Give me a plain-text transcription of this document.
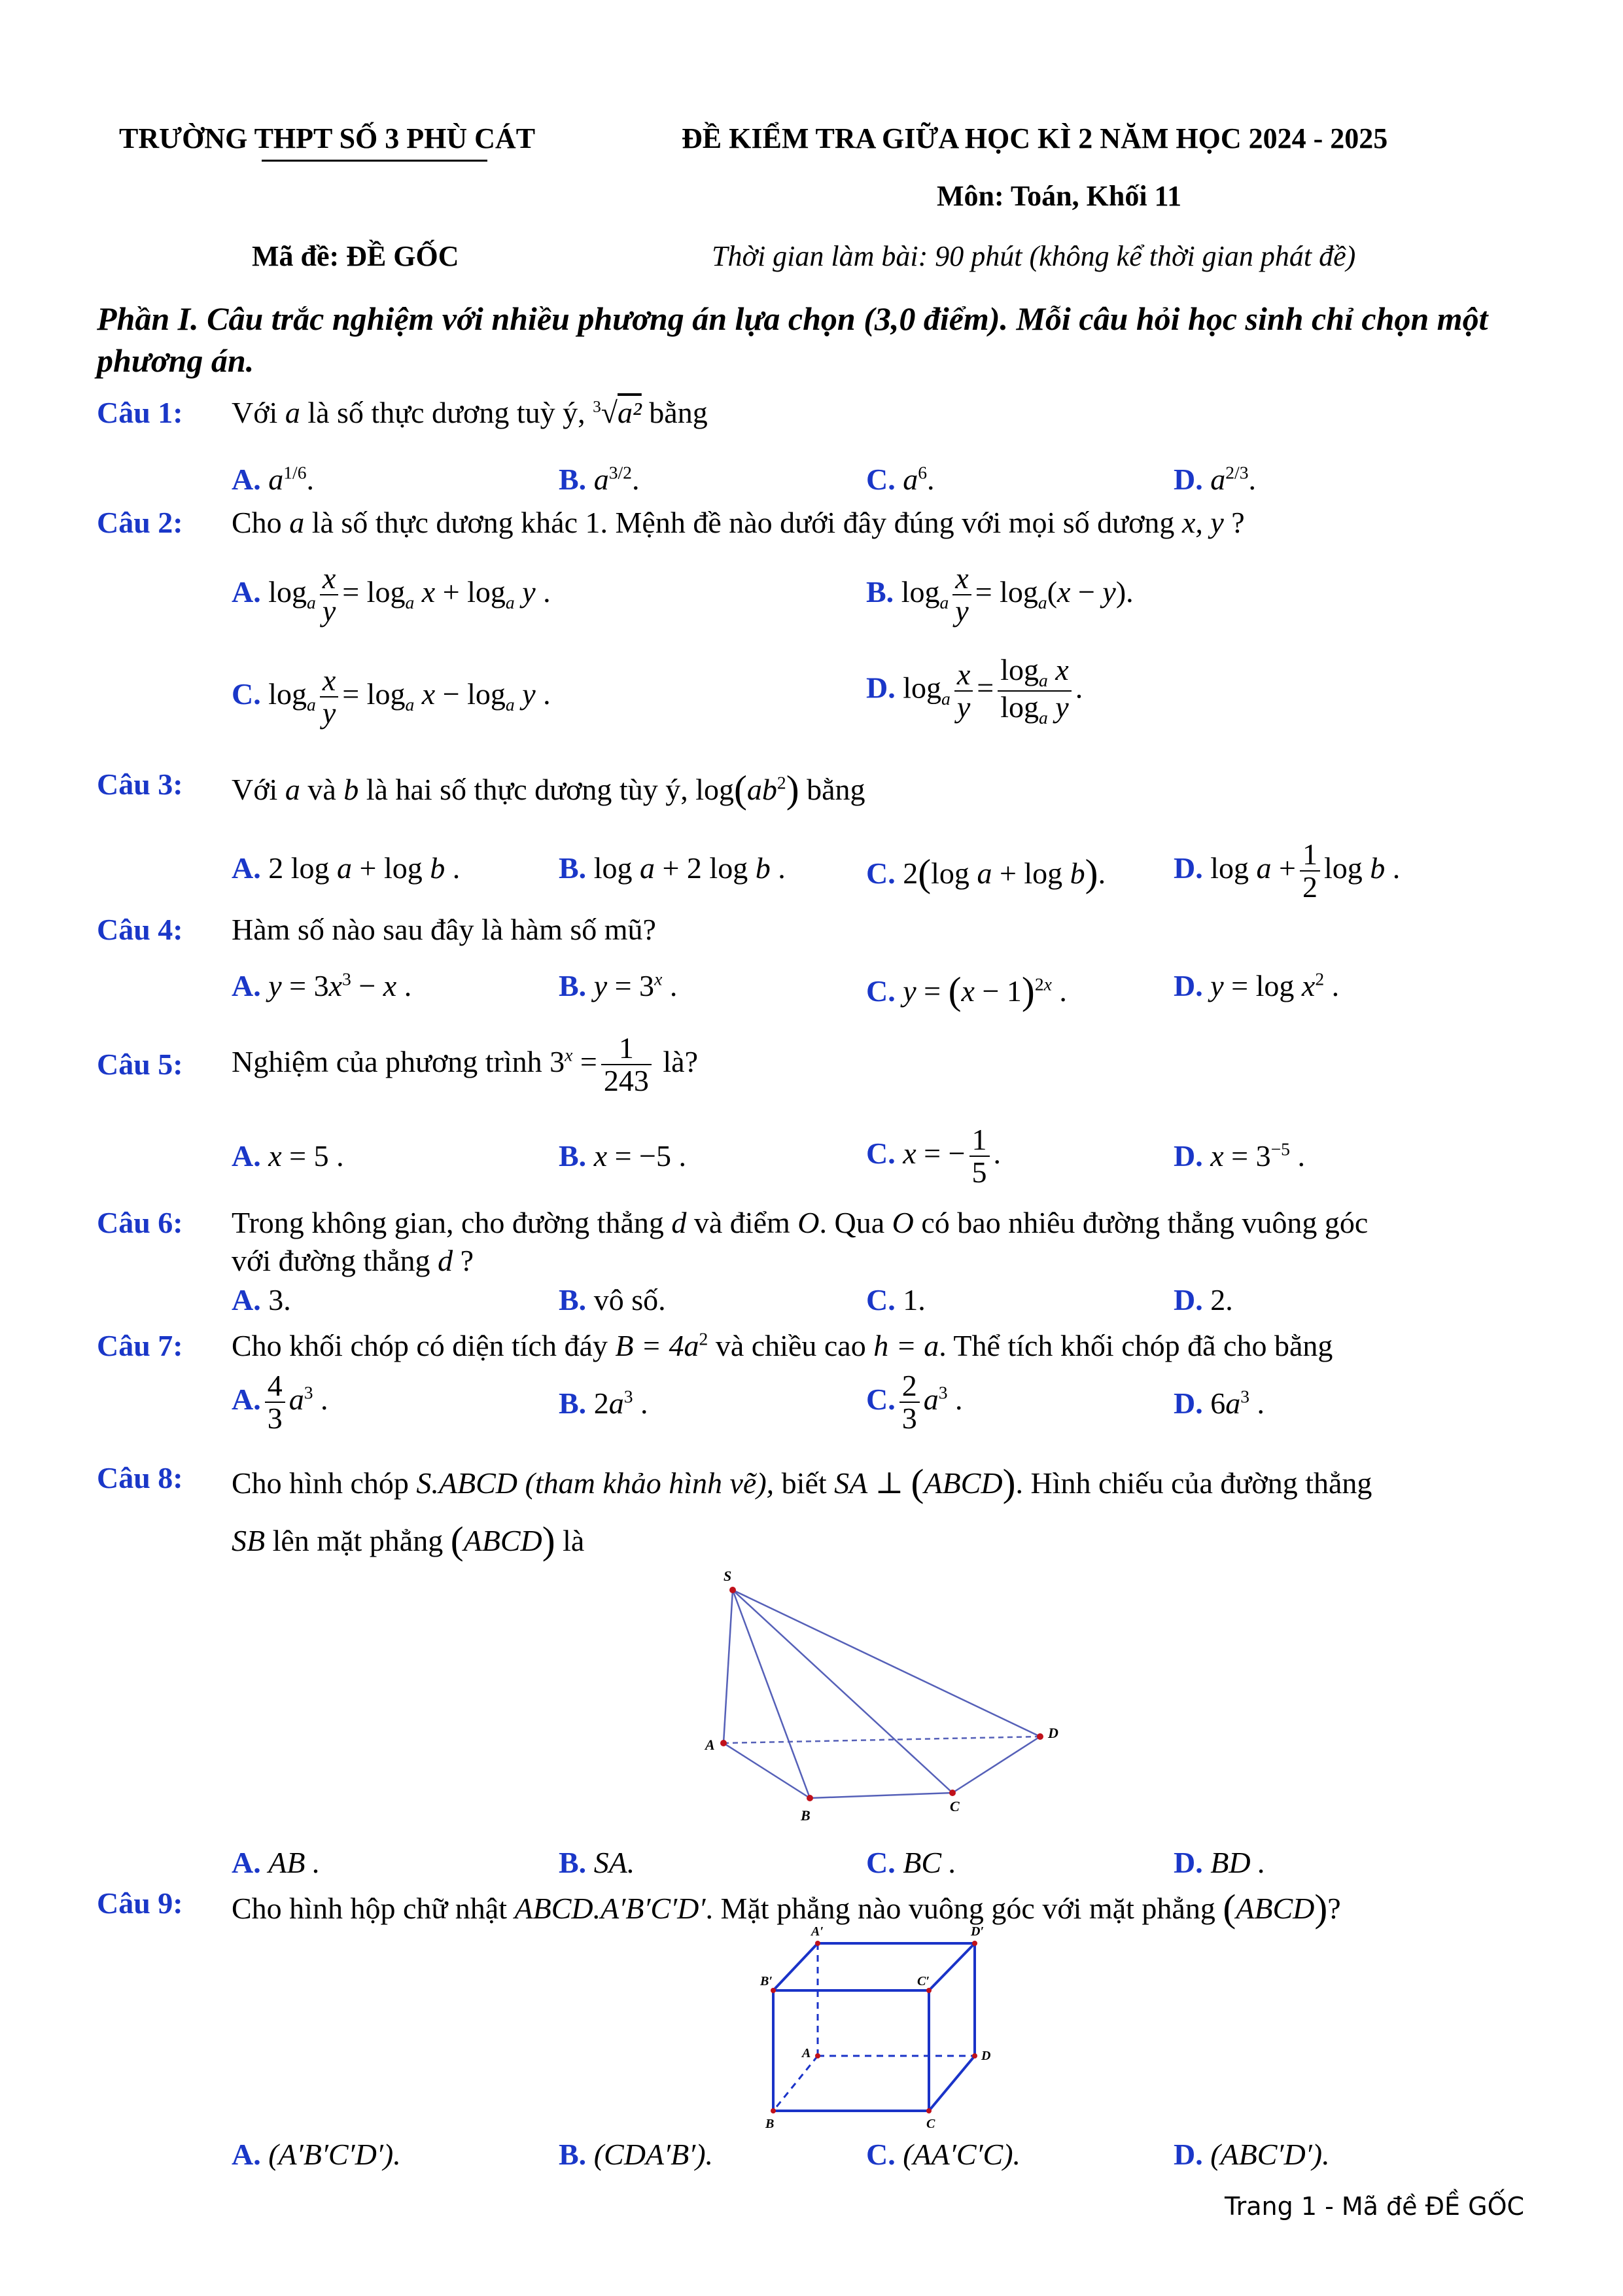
TRƯỜNG THPT SỐ 3 PHÙ CÁT	ĐỀ KIỂM TRA GIỮA HỌC KÌ 2 NĂM HỌC 2024 - 2025
Môn: Toán, Khối 11
Mã đề: ĐỀ GỐC	Thời gian làm bài: 90 phút (không kể thời gian phát đề)
Phần I. Câu trắc nghiệm với nhiều phương án lựa chọn (3,0 điểm). Mỗi câu hỏi học sinh chỉ chọn một phương án.
Câu 1: Với a là số thực dương tuỳ ý, $^3$√a² bằng
A. $a^{1/6}$.	B. $a^{3/2}$.	C. $a^6$.	D. $a^{2/3}$.
Câu 2: Cho a là số thực dương khác 1. Mệnh đề nào dưới đây đúng với mọi số dương x, y ?
A. $\log_a \frac{x}{y} = \log_a x + \log_a y$ .	B. $\log_a \frac{x}{y} = \log_a(x - y)$.
C. $\log_a \frac{x}{y} = \log_a x - \log_a y$ .	D. $\log_a \frac{x}{y} = \frac{\log_a x}{\log_a y}$ .
Câu 3: Với a và b là hai số thực dương tùy ý, $\log(ab^2)$ bằng
A. 2 log a + log b .	B. log a + 2 log b .	C. 2(log a + log b). D. $\log a + \frac{1}{2}$ log b .
Câu 4: Hàm số nào sau đây là hàm số mũ?
A. $y = 3x^3 - x$ .	B. $y = 3^x$ .	C. $y = (x - 1)^{2x}$ .	D. $y = \log x^2$ .
Câu 5: Nghiệm của phương trình $3^x = \frac{1}{243}$ là?
A. x = 5 .	B. x = −5 .	C. x = − $\frac{1}{5}$ .	D. $x = 3^{-5}$ .
Câu 6: Trong không gian, cho đường thẳng d và điểm O. Qua O có bao nhiêu đường thẳng vuông góc
với đường thẳng d ?
A. 3.	B. vô số.	C. 1.	D. 2.
Câu 7: Cho khối chóp có diện tích đáy $B = 4a^2$ và chiều cao h = a. Thể tích khối chóp đã cho bằng
A. $\frac{4}{3} a^3$ .	B. $2a^3$ .	C. $\frac{2}{3} a^3$ .	D. $6a^3$ .
Câu 8: Cho hình chóp S.ABCD (tham khảo hình vẽ), biết SA ⊥ (ABCD). Hình chiếu của đường thẳng
SB lên mặt phẳng (ABCD) là
S
A
B
C
D
A. AB .	B. SA.	C. BC .	D. BD .
Câu 9: Cho hình hộp chữ nhật ABCD.A′B′C′D′. Mặt phẳng nào vuông góc với mặt phẳng (ABCD)?
A′	D′
B′	C′
A	D
B	C
A. (A′B′C′D′).	B. (CDA′B′).	C. (AA′C′C).	D. (ABC′D′).
Trang 1 - Mã đề ĐỀ GỐC
